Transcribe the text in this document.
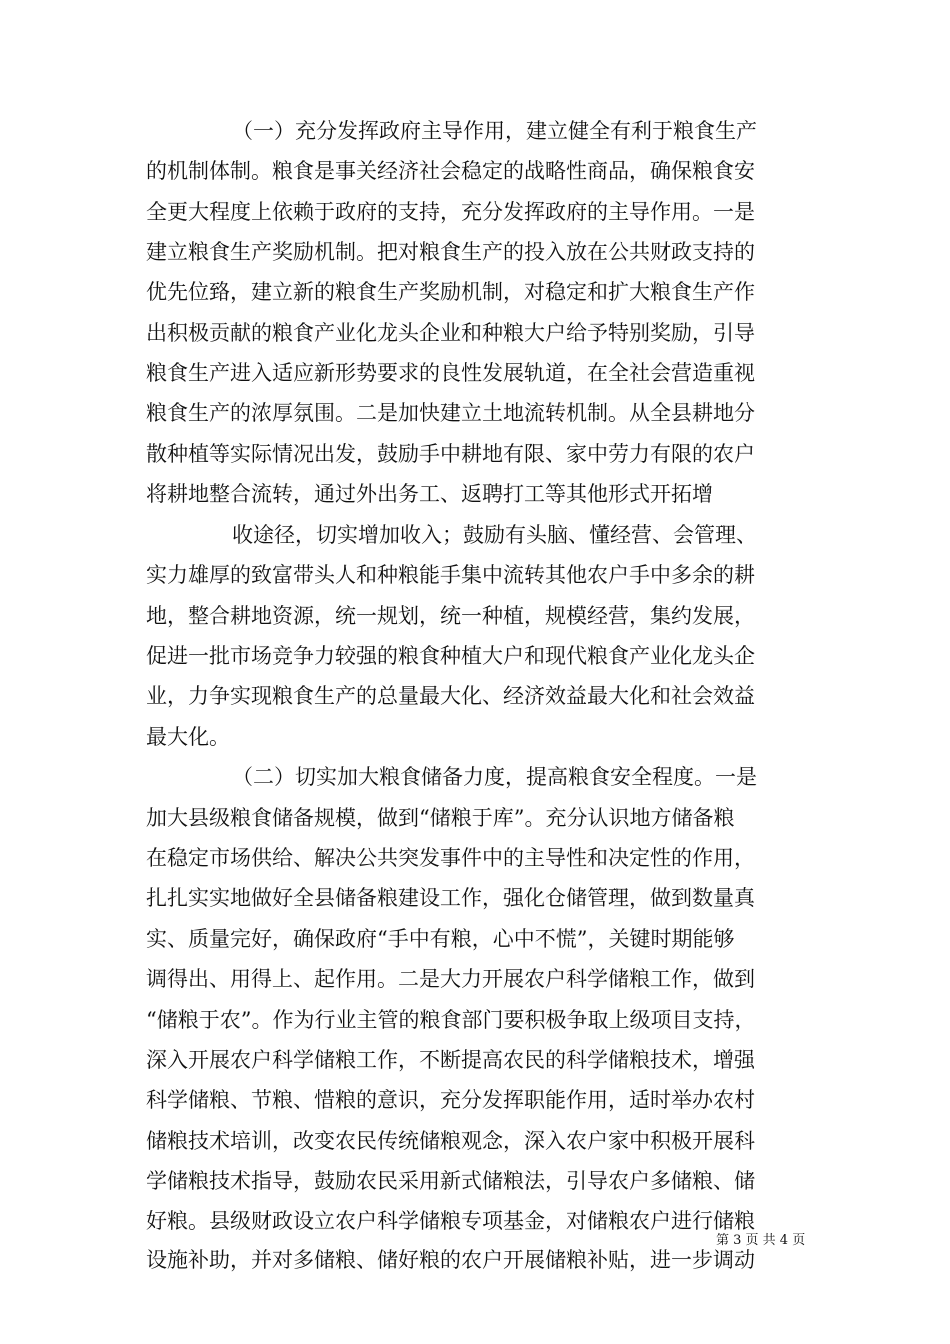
（一）充分发挥政府主导作用，建立健全有利于粮食生产
的机制体制。粮食是事关经济社会稳定的战略性商品，确保粮食安
全更大程度上依赖于政府的支持，充分发挥政府的主导作用。一是
建立粮食生产奖励机制。把对粮食生产的投入放在公共财政支持的
优先位臵，建立新的粮食生产奖励机制，对稳定和扩大粮食生产作
出积极贡献的粮食产业化龙头企业和种粮大户给予特别奖励，引导
粮食生产进入适应新形势要求的良性发展轨道，在全社会营造重视
粮食生产的浓厚氛围。二是加快建立土地流转机制。从全县耕地分
散种植等实际情况出发，鼓励手中耕地有限、家中劳力有限的农户
将耕地整合流转，通过外出务工、返聘打工等其他形式开拓增
收途径，切实增加收入；鼓励有头脑、懂经营、会管理、
实力雄厚的致富带头人和种粮能手集中流转其他农户手中多余的耕
地，整合耕地资源，统一规划，统一种植，规模经营，集约发展，
促进一批市场竞争力较强的粮食种植大户和现代粮食产业化龙头企
业，力争实现粮食生产的总量最大化、经济效益最大化和社会效益
最大化。
（二）切实加大粮食储备力度，提高粮食安全程度。一是
加大县级粮食储备规模，做到“储粮于库”。充分认识地方储备粮
在稳定市场供给、解决公共突发事件中的主导性和决定性的作用，
扎扎实实地做好全县储备粮建设工作，强化仓储管理，做到数量真
实、质量完好，确保政府“手中有粮，心中不慌”，关键时期能够
调得出、用得上、起作用。二是大力开展农户科学储粮工作，做到
“储粮于农”。作为行业主管的粮食部门要积极争取上级项目支持，
深入开展农户科学储粮工作，不断提高农民的科学储粮技术，增强
科学储粮、节粮、惜粮的意识，充分发挥职能作用，适时举办农村
储粮技术培训，改变农民传统储粮观念，深入农户家中积极开展科
学储粮技术指导，鼓励农民采用新式储粮法，引导农户多储粮、储
好粮。县级财政设立农户科学储粮专项基金，对储粮农户进行储粮
设施补助，并对多储粮、储好粮的农户开展储粮补贴，进一步调动
第 3 页 共 4 页
